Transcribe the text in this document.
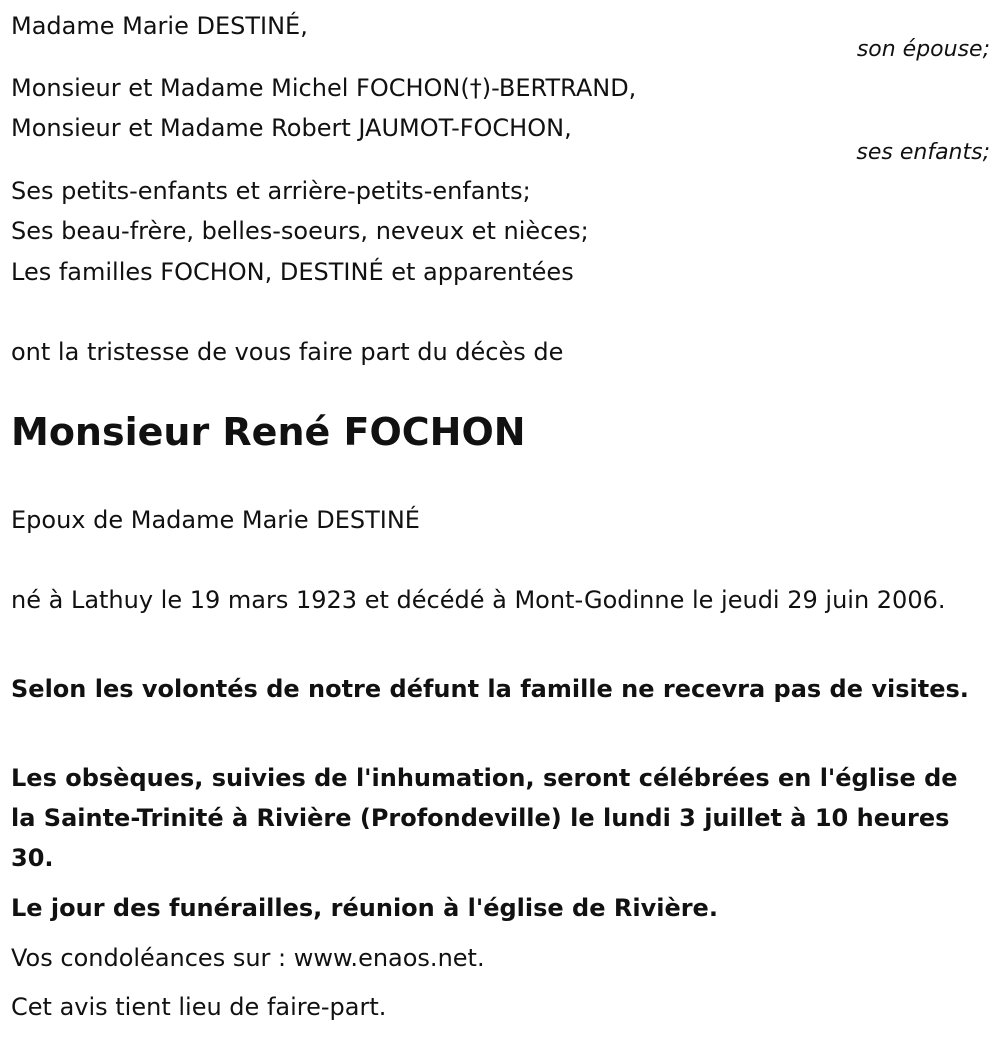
Madame Marie DESTINÉ,
son épouse;
Monsieur et Madame Michel FOCHON(†)-BERTRAND,
Monsieur et Madame Robert JAUMOT-FOCHON,
ses enfants;
Ses petits-enfants et arrière-petits-enfants;
Ses beau-frère, belles-soeurs, neveux et nièces;
Les familles FOCHON, DESTINÉ et apparentées
ont la tristesse de vous faire part du décès de
Monsieur René FOCHON
Epoux de Madame Marie DESTINÉ
né à Lathuy le 19 mars 1923 et décédé à Mont-Godinne le jeudi 29 juin 2006.
Selon les volontés de notre défunt la famille ne recevra pas de visites.
Les obsèques, suivies de l'inhumation, seront célébrées en l'église de la Sainte-Trinité à Rivière (Profondeville) le lundi 3 juillet à 10 heures 30.
Le jour des funérailles, réunion à l'église de Rivière.
Vos condoléances sur : www.enaos.net.
Cet avis tient lieu de faire-part.
